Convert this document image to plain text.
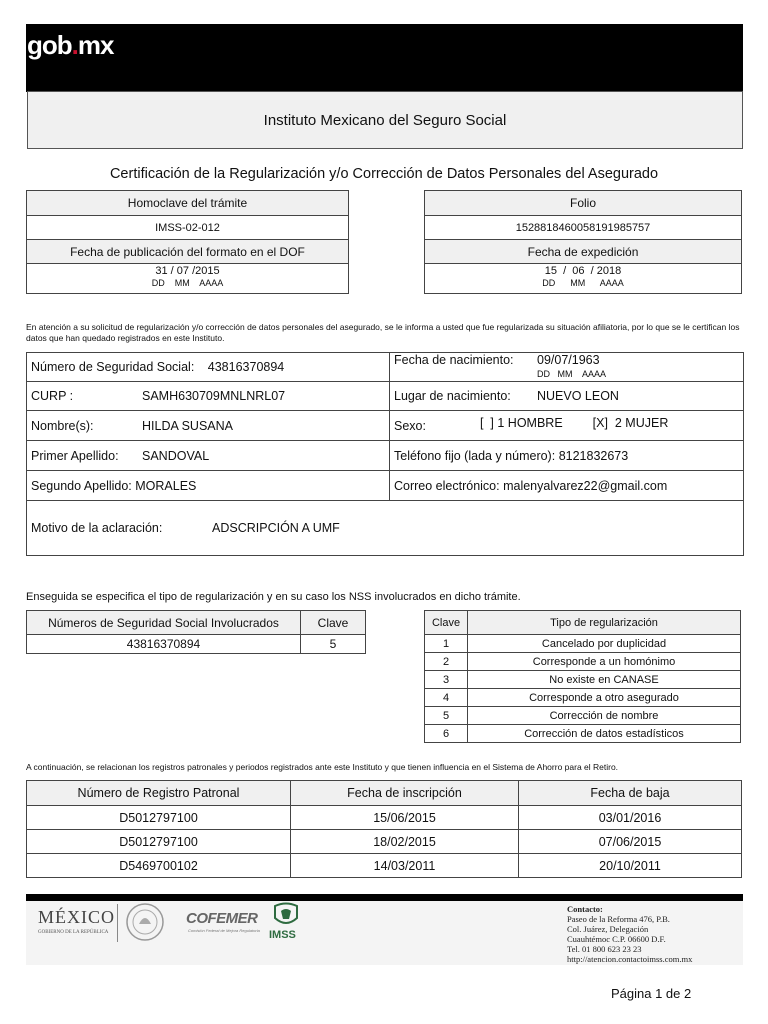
gob.mx
Instituto Mexicano del Seguro Social
Certificación de la Regularización y/o Corrección de Datos Personales del Asegurado
Homoclave del trámite
IMSS-02-012
Fecha de publicación del formato en el DOF

31 / 07 /2015
DD    MM    AAAA
Folio
1528818460058191985757
Fecha de expedición

15  /  06  / 2018
DD      MM      AAAA
En atención a su solicitud de regularización y/o corrección de datos personales del asegurado, se le informa a usted que fue regularizada su situación afiliatoria, por lo que se le certifican los datos que han quedado registrados en este Instituto.
Número de Seguridad Social: 43816370894	Fecha de nacimiento: 09/07/1963
DD   MM    AAAA
CURP : SAMH630709MNLNRL07	Lugar de nacimiento: NUEVO LEON
Nombre(s): HILDA SUSANA	Sexo: [  ] 1 HOMBRE [X]  2 MUJER
Primer Apellido: SANDOVAL	Teléfono fijo (lada y número): 8121832673
Segundo Apellido: MORALES	Correo electrónico: malenyalvarez22@gmail.com
Motivo de la aclaración: ADSCRIPCIÓN A UMF	
Enseguida se especifica el tipo de regularización y en su caso los NSS involucrados en dicho trámite.
Números de Seguridad Social Involucrados	Clave
43816370894	5
Clave	Tipo de regularización
1	Cancelado por duplicidad
2	Corresponde a un homónimo
3	No existe en CANASE
4	Corresponde a otro asegurado
5	Corrección de nombre
6	Corrección de datos estadísticos
A continuación, se relacionan los registros patronales y periodos registrados ante este Instituto y que tienen influencia en el Sistema de Ahorro para el Retiro.
Número de Registro Patronal	Fecha de inscripción	Fecha de baja
D5012797100	15/06/2015	03/01/2016
D5012797100	18/02/2015	07/06/2015
D5469700102	14/03/2011	20/10/2011
MÉXICO
GOBIERNO DE LA REPÚBLICA
COFEMER
Comisión Federal de Mejora Regulatoria IMSS
Contacto:
Paseo de la Reforma 476, P.B.
Col. Juárez, Delegación
Cuauhtémoc C.P. 06600 D.F.
Tel. 01 800 623 23 23
http://atencion.contactoimss.com.mx
Página 1 de 2
